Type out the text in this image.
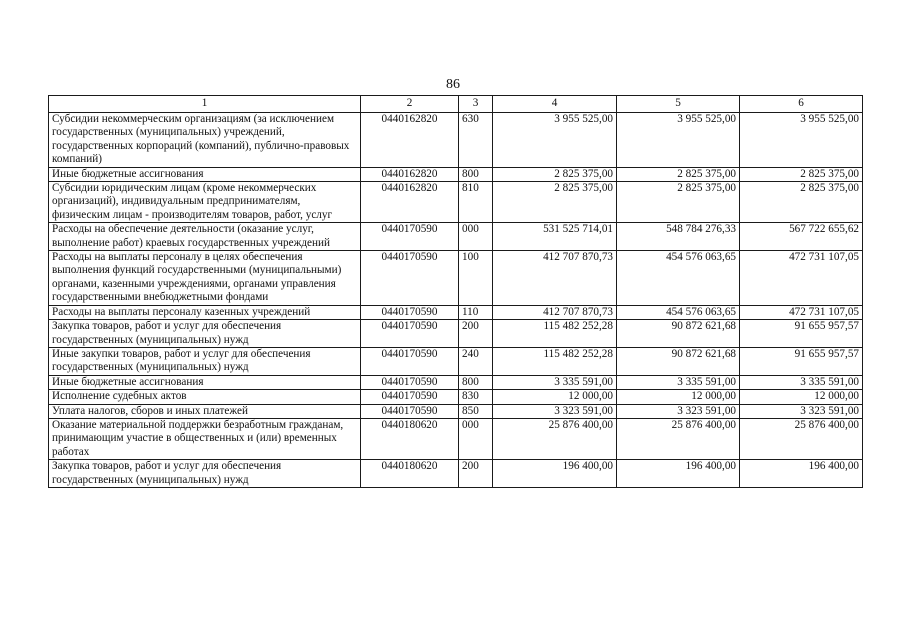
86
1	2	3	4	5	6
Субсидии некоммерческим организациям (за исключением государственных (муниципальных) учреждений, государственных корпораций (компаний), публично-правовых компаний)	0440162820	630	3 955 525,00	3 955 525,00	3 955 525,00
Иные бюджетные ассигнования	0440162820	800	2 825 375,00	2 825 375,00	2 825 375,00
Субсидии юридическим лицам (кроме некоммерческих организаций), индивидуальным предпринимателям, физическим лицам - производителям товаров, работ, услуг	0440162820	810	2 825 375,00	2 825 375,00	2 825 375,00
Расходы на обеспечение деятельности (оказание услуг, выполнение работ) краевых государственных учреждений	0440170590	000	531 525 714,01	548 784 276,33	567 722 655,62
Расходы на выплаты персоналу в целях обеспечения выполнения функций государственными (муниципальными) органами, казенными учреждениями, органами управления государственными внебюджетными фондами	0440170590	100	412 707 870,73	454 576 063,65	472 731 107,05
Расходы на выплаты персоналу казенных учреждений	0440170590	110	412 707 870,73	454 576 063,65	472 731 107,05
Закупка товаров, работ и услуг для обеспечения государственных (муниципальных) нужд	0440170590	200	115 482 252,28	90 872 621,68	91 655 957,57
Иные закупки товаров, работ и услуг для обеспечения государственных (муниципальных) нужд	0440170590	240	115 482 252,28	90 872 621,68	91 655 957,57
Иные бюджетные ассигнования	0440170590	800	3 335 591,00	3 335 591,00	3 335 591,00
Исполнение судебных актов	0440170590	830	12 000,00	12 000,00	12 000,00
Уплата налогов, сборов и иных платежей	0440170590	850	3 323 591,00	3 323 591,00	3 323 591,00
Оказание материальной поддержки безработным гражданам, принимающим участие в общественных и (или) временных работах	0440180620	000	25 876 400,00	25 876 400,00	25 876 400,00
Закупка товаров, работ и услуг для обеспечения государственных (муниципальных) нужд	0440180620	200	196 400,00	196 400,00	196 400,00
